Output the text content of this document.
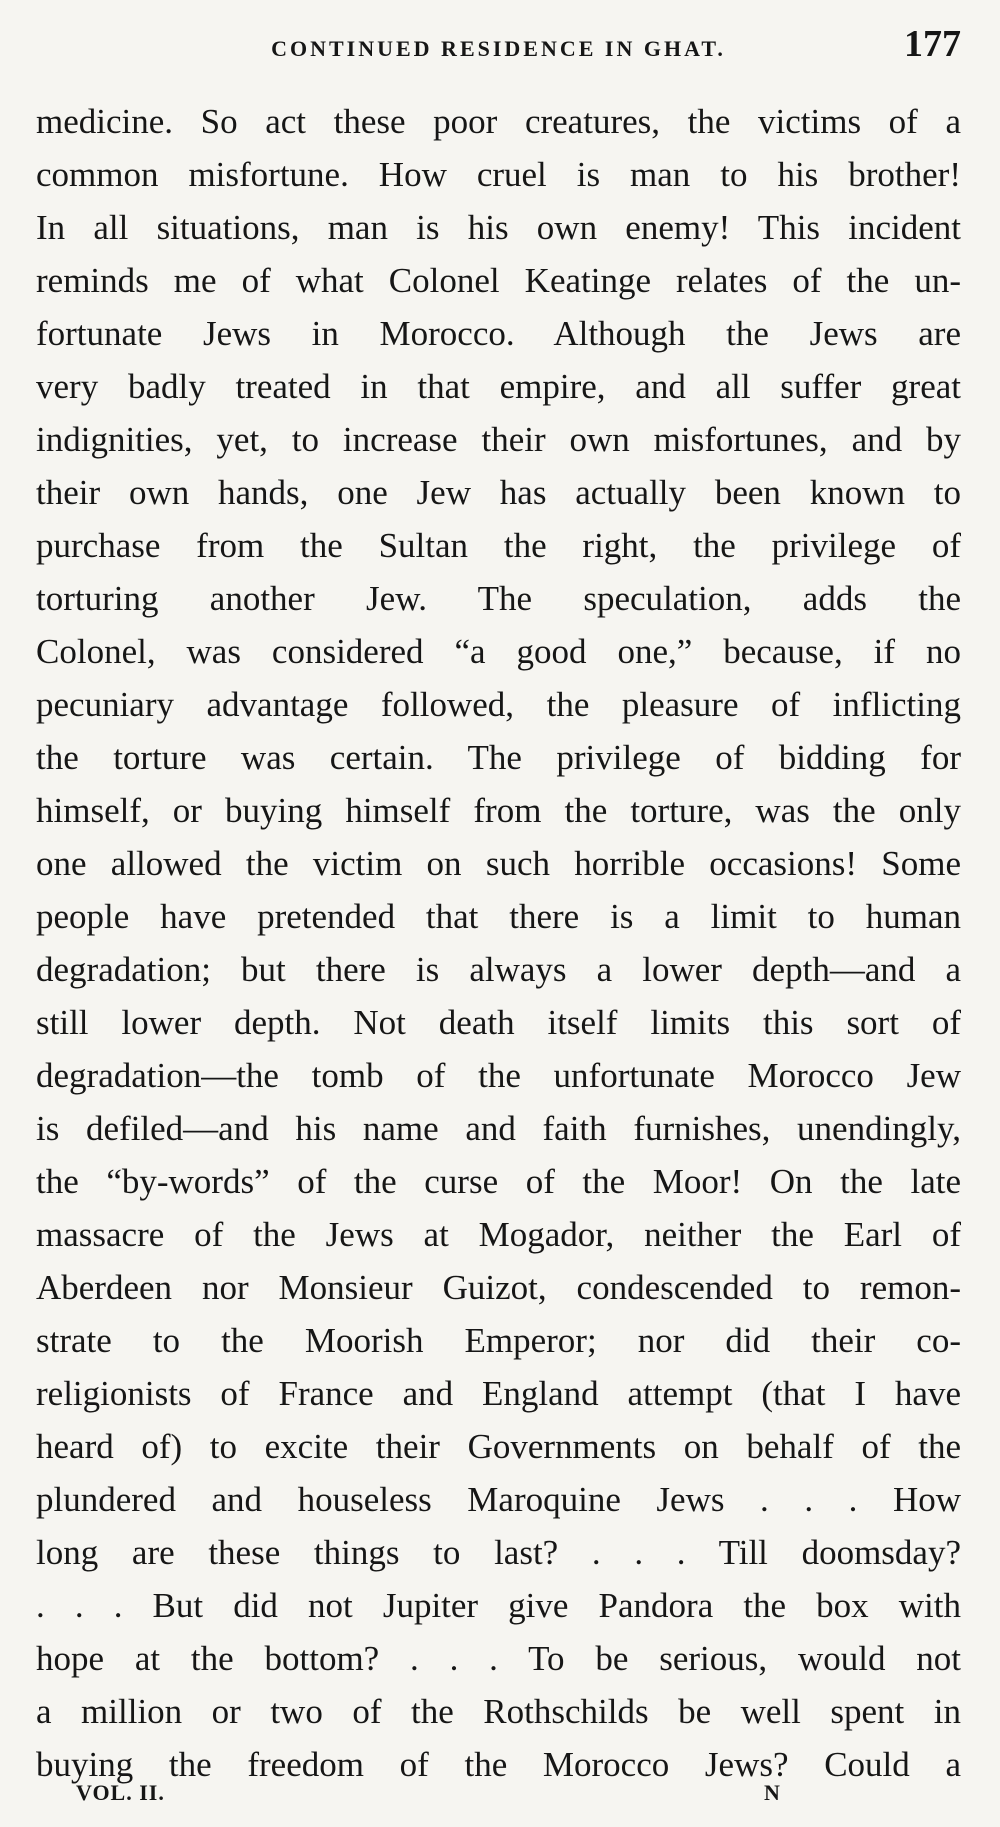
CONTINUED RESIDENCE IN GHAT.	177
medicine. So act these poor creatures, the victims of a
common misfortune. How cruel is man to his brother!
In all situations, man is his own enemy! This incident
reminds me of what Colonel Keatinge relates of the un-
fortunate Jews in Morocco. Although the Jews are
very badly treated in that empire, and all suffer great
indignities, yet, to increase their own misfortunes, and by
their own hands, one Jew has actually been known to
purchase from the Sultan the right, the privilege of
torturing another Jew. The speculation, adds the
Colonel, was considered “a good one,” because, if no
pecuniary advantage followed, the pleasure of inflicting
the torture was certain. The privilege of bidding for
himself, or buying himself from the torture, was the only
one allowed the victim on such horrible occasions! Some
people have pretended that there is a limit to human
degradation; but there is always a lower depth—and a
still lower depth. Not death itself limits this sort of
degradation—the tomb of the unfortunate Morocco Jew
is defiled—and his name and faith furnishes, unendingly,
the “by-words” of the curse of the Moor! On the late
massacre of the Jews at Mogador, neither the Earl of
Aberdeen nor Monsieur Guizot, condescended to remon-
strate to the Moorish Emperor; nor did their co-
religionists of France and England attempt (that I have
heard of) to excite their Governments on behalf of the
plundered and houseless Maroquine Jews . . . How
long are these things to last? . . . Till doomsday?
. . . But did not Jupiter give Pandora the box with
hope at the bottom? . . . To be serious, would not
a million or two of the Rothschilds be well spent in
buying the freedom of the Morocco Jews? Could a
VOL. II.	N
